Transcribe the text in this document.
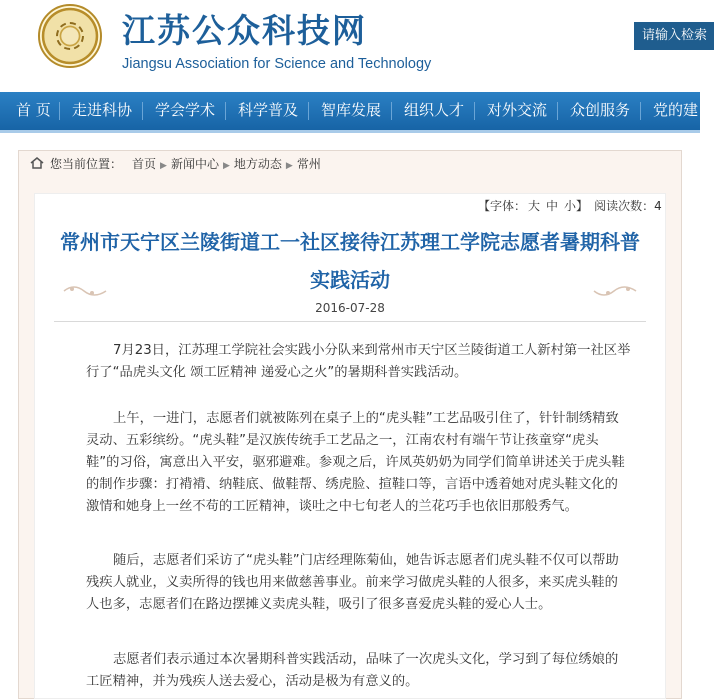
江苏公众科技网
Jiangsu Association for Science and Technology
请输入检索
首 页 走进科协 学会学术 科学普及 智库发展 组织人才 对外交流 众创服务 党的建
您当前位置： 首页 ▶ 新闻中心 ▶ 地方动态 ▶ 常州
【字体： 大 中 小】 阅读次数：4
常州市天宁区兰陵街道工一社区接待江苏理工学院志愿者暑期科普实践活动
2016-07-28
7月23日，江苏理工学院社会实践小分队来到常州市天宁区兰陵街道工人新村第一社区举行了“品虎头文化 颂工匠精神 递爱心之火”的暑期科普实践活动。
上午，一进门，志愿者们就被陈列在桌子上的“虎头鞋”工艺品吸引住了，针针制绣精致灵动、五彩缤纷。“虎头鞋”是汉族传统手工艺品之一，江南农村有端午节让孩童穿“虎头鞋”的习俗，寓意出入平安，驱邪避难。参观之后，许凤英奶奶为同学们简单讲述关于虎头鞋的制作步骤：打褙褙、纳鞋底、做鞋帮、绣虎脸、揎鞋口等，言语中透着她对虎头鞋文化的激情和她身上一丝不苟的工匠精神，谈吐之中七旬老人的兰花巧手也依旧那般秀气。
随后，志愿者们采访了“虎头鞋”门店经理陈菊仙，她告诉志愿者们虎头鞋不仅可以帮助残疾人就业，义卖所得的钱也用来做慈善事业。前来学习做虎头鞋的人很多，来买虎头鞋的人也多，志愿者们在路边摆摊义卖虎头鞋，吸引了很多喜爱虎头鞋的爱心人士。
志愿者们表示通过本次暑期科普实践活动，品味了一次虎头文化，学习到了每位绣娘的工匠精神，并为残疾人送去爱心，活动是极为有意义的。
